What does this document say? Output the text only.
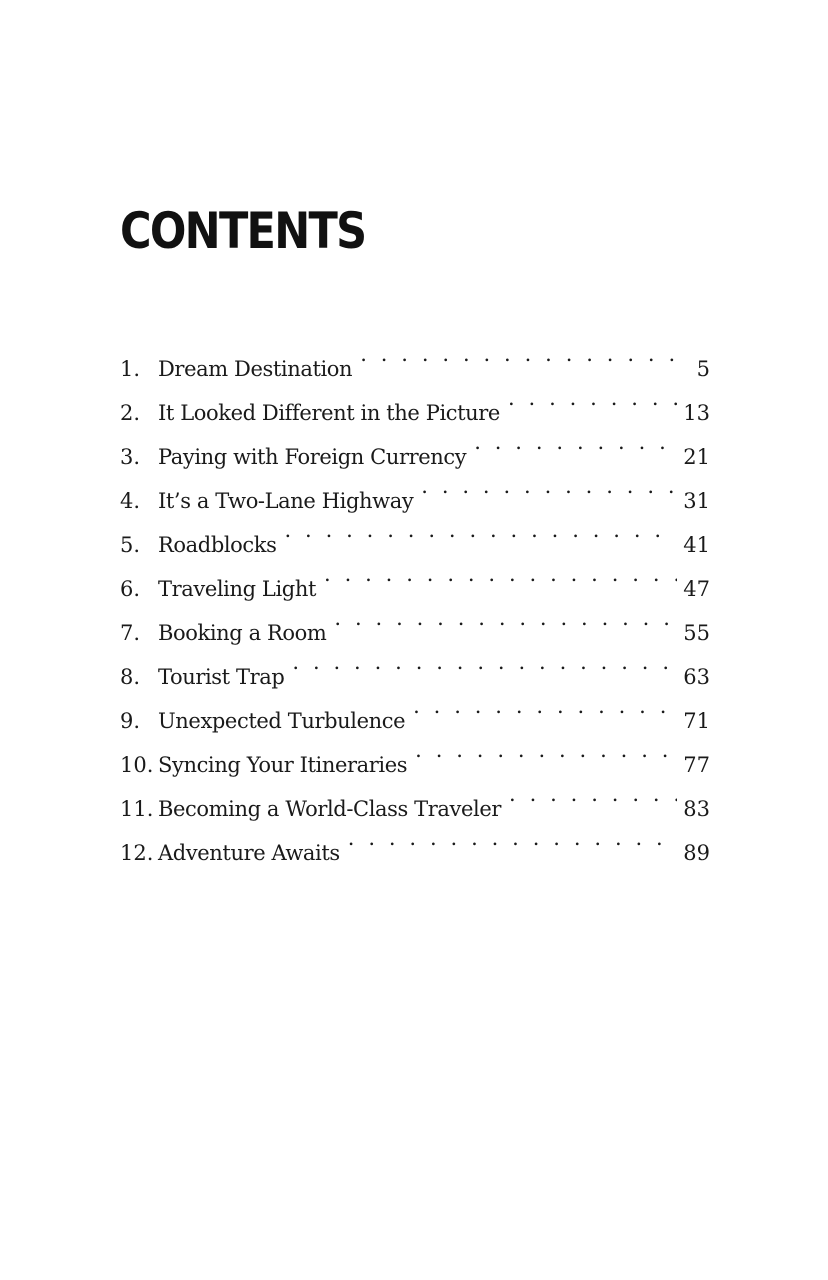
CONTENTS
1. Dream Destination . . .	5
2. It Looked Different in the Picture . . .	13
3. Paying with Foreign Currency . . .	21
4. It’s a Two-Lane Highway . . .	31
5. Roadblocks . . .	41
6. Traveling Light . . .	47
7. Booking a Room . . .	55
8. Tourist Trap . . .	63
9. Unexpected Turbulence . . .	71
10. Syncing Your Itineraries . . .	77
11. Becoming a World-Class Traveler . . .	83
12. Adventure Awaits . . .	89
